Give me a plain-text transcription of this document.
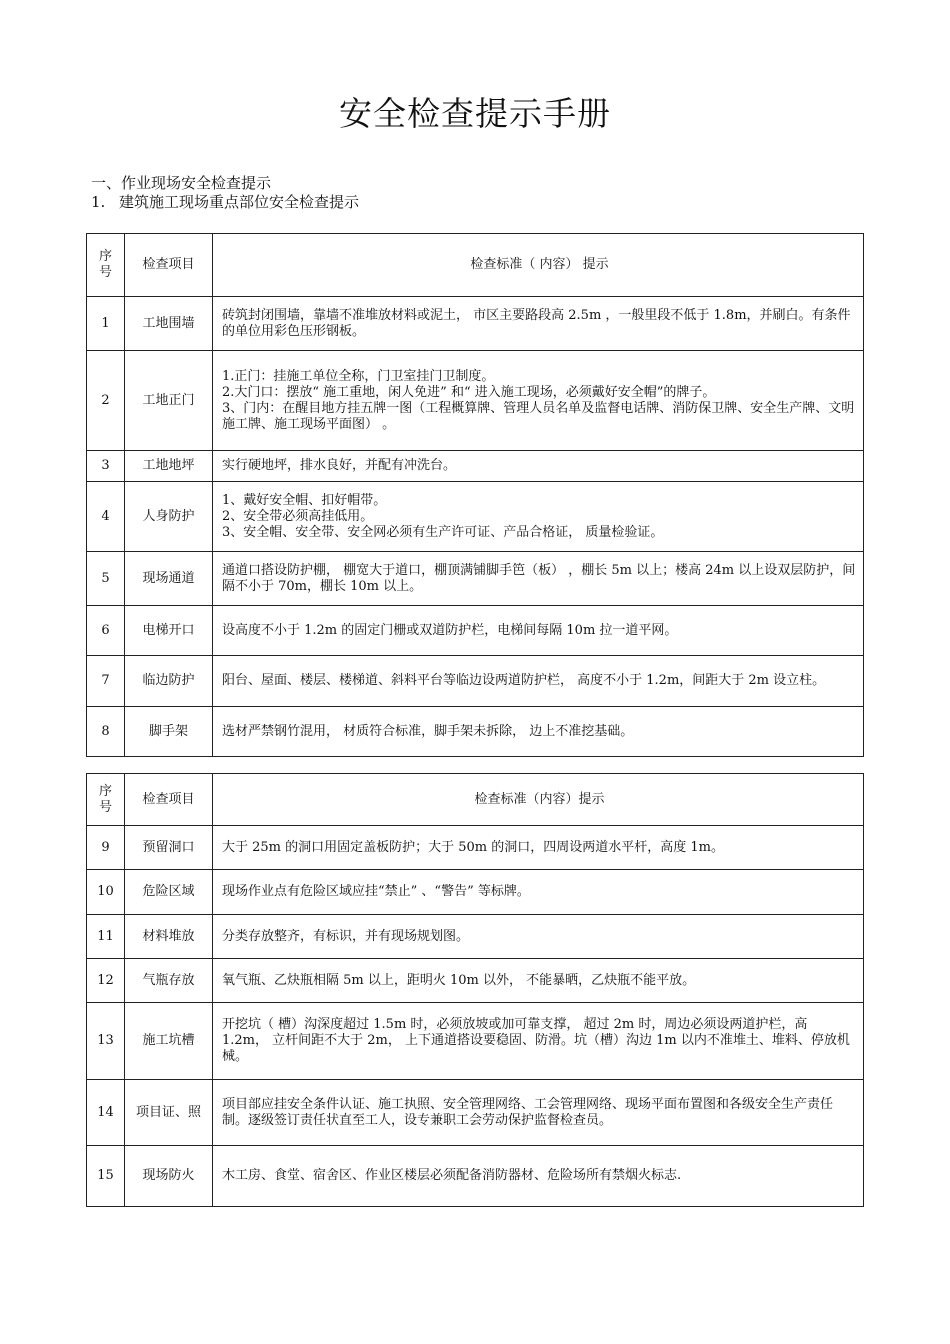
安全检查提示手册
一、作业现场安全检查提示
1. 建筑施工现场重点部位安全检查提示
序号	检查项目	检查标准（ 内容） 提示
1	工地围墙	砖筑封闭围墙，靠墙不准堆放材料或泥土， 市区主要路段高 2.5m ，一般里段不低于 1.8m，并刷白。有条件的单位用彩色压形钢板。

2	工地正门	1.正门：挂施工单位全称，门卫室挂门卫制度。
2.大门口：摆放“ 施工重地，闲人免进” 和“ 进入施工现场，必须戴好安全帽”的牌子。
3、门内：在醒目地方挂五牌一图（工程概算牌、管理人员名单及监督电话牌、消防保卫牌、安全生产牌、文明施工牌、施工现场平面图） 。

3	工地地坪	实行硬地坪，排水良好，并配有冲洗台。

4	人身防护	1、戴好安全帽、扣好帽带。
2、安全带必须高挂低用。
3、安全帽、安全带、安全网必须有生产许可证、产品合格证， 质量检验证。

5	现场通道	通道口搭设防护棚， 棚宽大于道口，棚顶满铺脚手笆（板） ，棚长 5m 以上；楼高 24m 以上设双层防护，间隔不小于 70m，棚长 10m 以上。

6	电梯开口	设高度不小于 1.2m 的固定门栅或双道防护栏，电梯间每隔 10m 拉一道平网。

7	临边防护	阳台、屋面、楼层、楼梯道、斜料平台等临边设两道防护栏， 高度不小于 1.2m，间距大于 2m 设立柱。

8	脚手架	选材严禁钢竹混用， 材质符合标准，脚手架未拆除， 边上不准挖基础。
序号	检查项目	检查标准（内容）提示
9	预留洞口	大于 25m 的洞口用固定盖板防护；大于 50m 的洞口，四周设两道水平杆，高度 1m。

10	危险区域	现场作业点有危险区域应挂“禁止” 、“警告” 等标牌。

11	材料堆放	分类存放整齐，有标识，并有现场规划图。

12	气瓶存放	氧气瓶、乙炔瓶相隔 5m 以上，距明火 10m 以外， 不能暴晒，乙炔瓶不能平放。

13	施工坑槽	开挖坑（ 槽）沟深度超过 1.5m 时，必须放坡或加可靠支撑， 超过 2m 时，周边必须设两道护栏，高 1.2m， 立杆间距不大于 2m， 上下通道搭设要稳固、防滑。坑（槽）沟边 1m 以内不准堆土、堆料、停放机械。

14	项目证、照	项目部应挂安全条件认证、施工执照、安全管理网络、工会管理网络、现场平面布置图和各级安全生产责任制。逐级签订责任状直至工人，设专兼职工会劳动保护监督检查员。

15	现场防火	木工房、食堂、宿舍区、作业区楼层必须配备消防器材、危险场所有禁烟火标志.
